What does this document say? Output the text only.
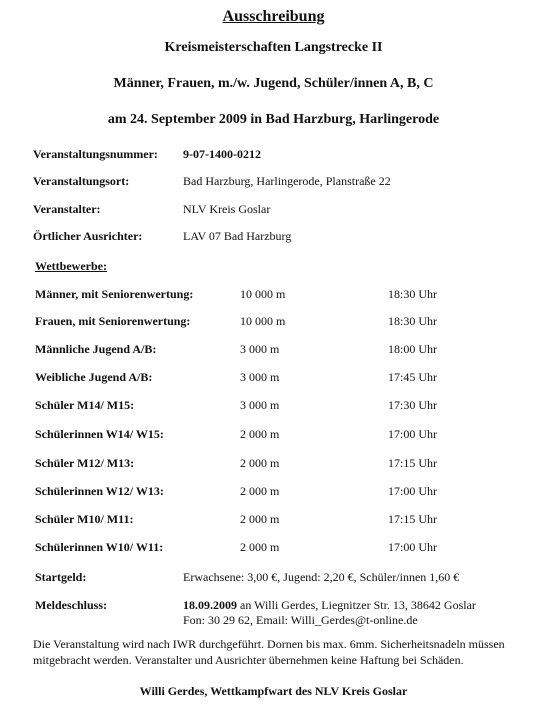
Ausschreibung
Kreismeisterschaften Langstrecke II
Männer, Frauen, m./w. Jugend, Schüler/innen A, B, C
am 24. September 2009 in Bad Harzburg, Harlingerode
Veranstaltungsnummer: 9-07-1400-0212
Veranstaltungsort:	Bad Harzburg, Harlingerode, Planstraße 22
Veranstalter:	NLV Kreis Goslar
Örtlicher Ausrichter:	LAV 07 Bad Harzburg
Wettbewerbe:
Männer, mit Seniorenwertung:	10 000 m	18:30 Uhr
Frauen, mit Seniorenwertung:	10 000 m	18:30 Uhr
Männliche Jugend A/B:	3 000 m	18:00 Uhr
Weibliche Jugend A/B:	3 000 m	17:45 Uhr
Schüler M14/ M15:	3 000 m	17:30 Uhr
Schülerinnen W14/ W15:	2 000 m	17:00 Uhr
Schüler M12/ M13:	2 000 m	17:15 Uhr
Schülerinnen W12/ W13:	2 000 m	17:00 Uhr
Schüler M10/ M11:	2 000 m	17:15 Uhr
Schülerinnen W10/ W11:	2 000 m	17:00 Uhr
Startgeld:	Erwachsene: 3,00 €, Jugend: 2,20 €, Schüler/innen 1,60 €
Meldeschluss:	18.09.2009 an Willi Gerdes, Liegnitzer Str. 13, 38642 Goslar
Fon: 30 29 62, Email: Willi_Gerdes@t-online.de
Die Veranstaltung wird nach IWR durchgeführt. Dornen bis max. 6mm. Sicherheitsnadeln müssen
mitgebracht werden. Veranstalter und Ausrichter übernehmen keine Haftung bei Schäden.
Willi Gerdes, Wettkampfwart des NLV Kreis Goslar
